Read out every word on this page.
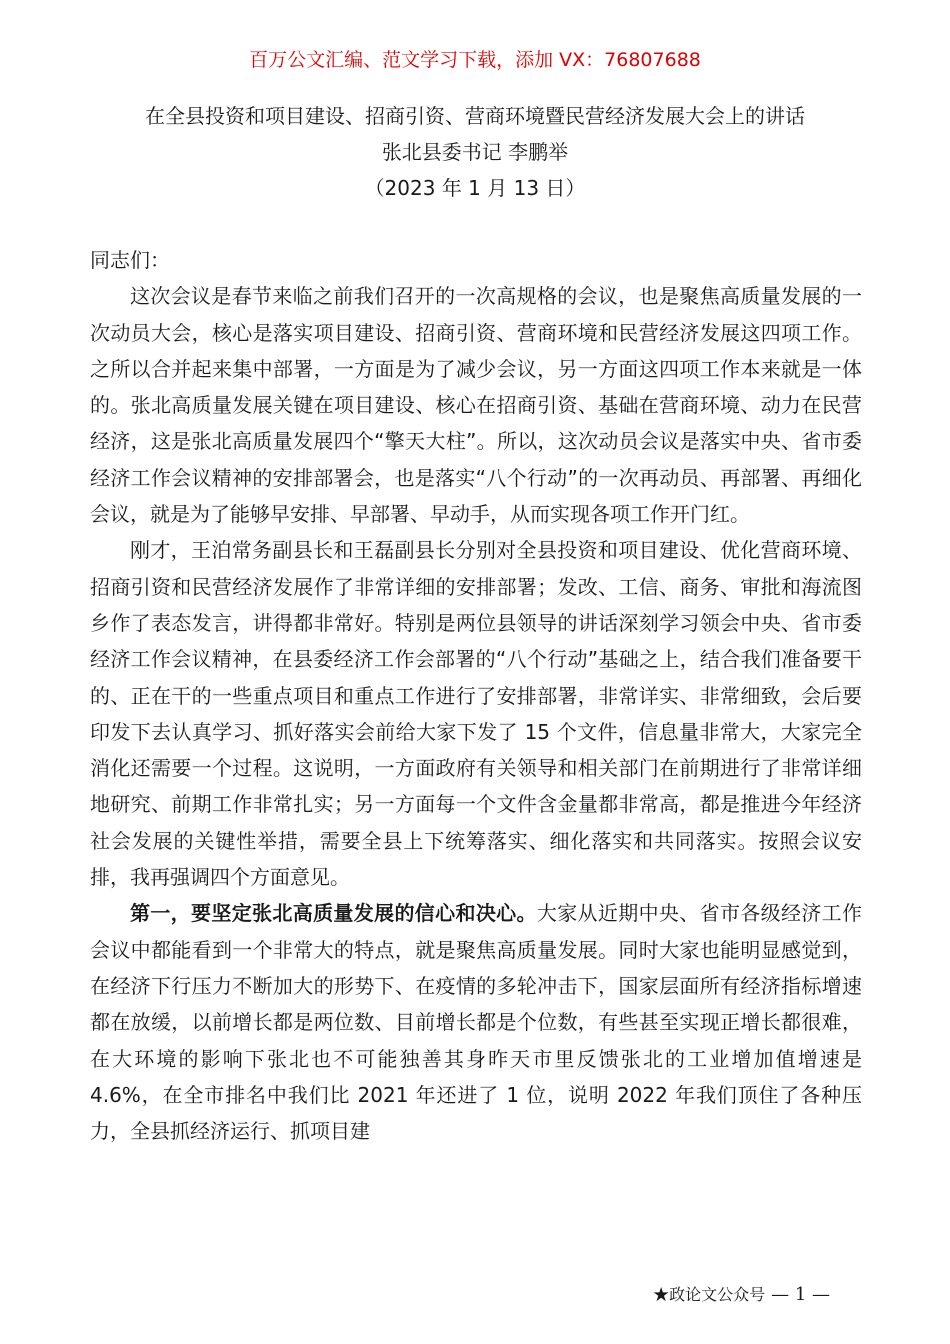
百万公文汇编、范文学习下载，添加 VX：76807688
在全县投资和项目建设、招商引资、营商环境暨民营经济发展大会上的讲话
张北县委书记 李鹏举
（2023 年 1 月 13 日）

同志们：

这次会议是春节来临之前我们召开的一次高规格的会议，也是聚焦高质量发展的一次动员大会，核心是落实项目建设、招商引资、营商环境和民营经济发展这四项工作。之所以合并起来集中部署，一方面是为了减少会议，另一方面这四项工作本来就是一体的。张北高质量发展关键在项目建设、核心在招商引资、基础在营商环境、动力在民营经济，这是张北高质量发展四个“擎天大柱”。所以，这次动员会议是落实中央、省市委经济工作会议精神的安排部署会，也是落实“八个行动”的一次再动员、再部署、再细化会议，就是为了能够早安排、早部署、早动手，从而实现各项工作开门红。

刚才，王泊常务副县长和王磊副县长分别对全县投资和项目建设、优化营商环境、招商引资和民营经济发展作了非常详细的安排部署；发改、工信、商务、审批和海流图乡作了表态发言，讲得都非常好。特别是两位县领导的讲话深刻学习领会中央、省市委经济工作会议精神，在县委经济工作会部署的“八个行动”基础之上，结合我们准备要干的、正在干的一些重点项目和重点工作进行了安排部署，非常详实、非常细致，会后要印发下去认真学习、抓好落实会前给大家下发了 15 个文件，信息量非常大，大家完全消化还需要一个过程。这说明，一方面政府有关领导和相关部门在前期进行了非常详细地研究、前期工作非常扎实；另一方面每一个文件含金量都非常高，都是推进今年经济社会发展的关键性举措，需要全县上下统筹落实、细化落实和共同落实。按照会议安排，我再强调四个方面意见。

第一，要坚定张北高质量发展的信心和决心。大家从近期中央、省市各级经济工作会议中都能看到一个非常大的特点，就是聚焦高质量发展。同时大家也能明显感觉到，在经济下行压力不断加大的形势下、在疫情的多轮冲击下，国家层面所有经济指标增速都在放缓，以前增长都是两位数、目前增长都是个位数，有些甚至实现正增长都很难，在大环境的影响下张北也不可能独善其身昨天市里反馈张北的工业增加值增速是 4.6%，在全市排名中我们比 2021 年还进了 1 位，说明 2022 年我们顶住了各种压力，全县抓经济运行、抓项目建

★政论文公众号 — 1 —
